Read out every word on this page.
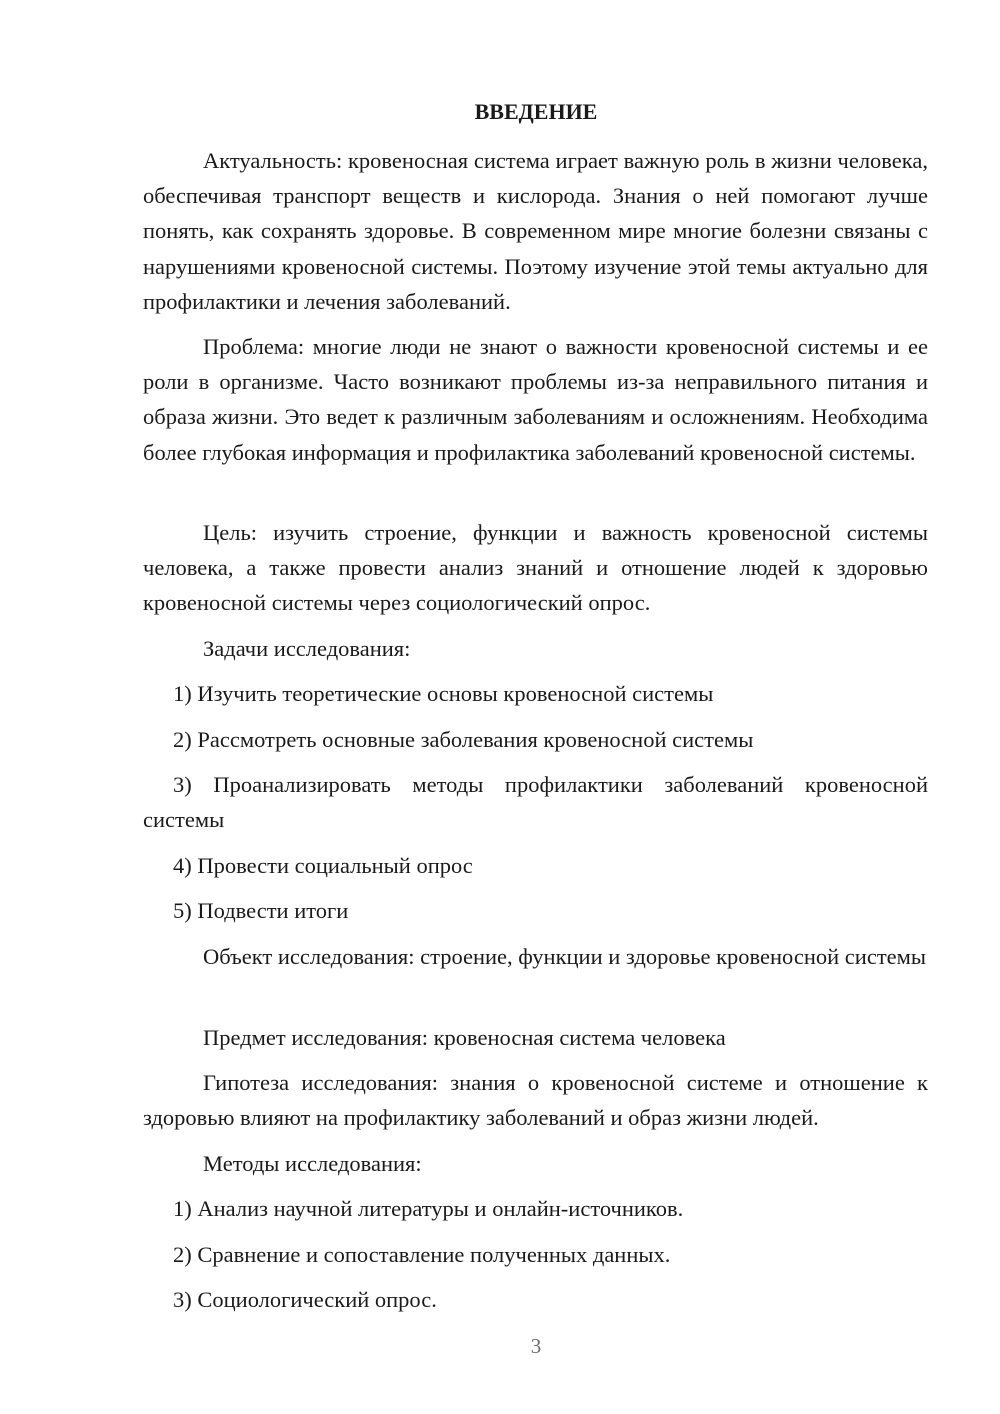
ВВЕДЕНИЕ

Актуальность: кровеносная система играет важную роль в жизни человека, обеспечивая транспорт веществ и кислорода. Знания о ней помогают лучше понять, как сохранять здоровье. В современном мире многие болезни связаны с нарушениями кровеносной системы. Поэтому изучение этой темы актуально для профилактики и лечения заболеваний.

Проблема: многие люди не знают о важности кровеносной системы и ее роли в организме. Часто возникают проблемы из-за неправильного питания и образа жизни. Это ведет к различным заболеваниям и осложнениям. Необходима более глубокая информация и профилактика заболеваний кровеносной системы.

Цель: изучить строение, функции и важность кровеносной системы человека, а также провести анализ знаний и отношение людей к здоровью кровеносной системы через социологический опрос.

Задачи исследования:

1) Изучить теоретические основы кровеносной системы

2) Рассмотреть основные заболевания кровеносной системы

3) Проанализировать методы профилактики заболеваний кровеносной системы

4) Провести социальный опрос

5) Подвести итоги

Объект исследования: строение, функции и здоровье кровеносной системы

Предмет исследования: кровеносная система человека

Гипотеза исследования: знания о кровеносной системе и отношение к здоровью влияют на профилактику заболеваний и образ жизни людей.

Методы исследования:

1) Анализ научной литературы и онлайн-источников.

2) Сравнение и сопоставление полученных данных.

3) Социологический опрос.

3
